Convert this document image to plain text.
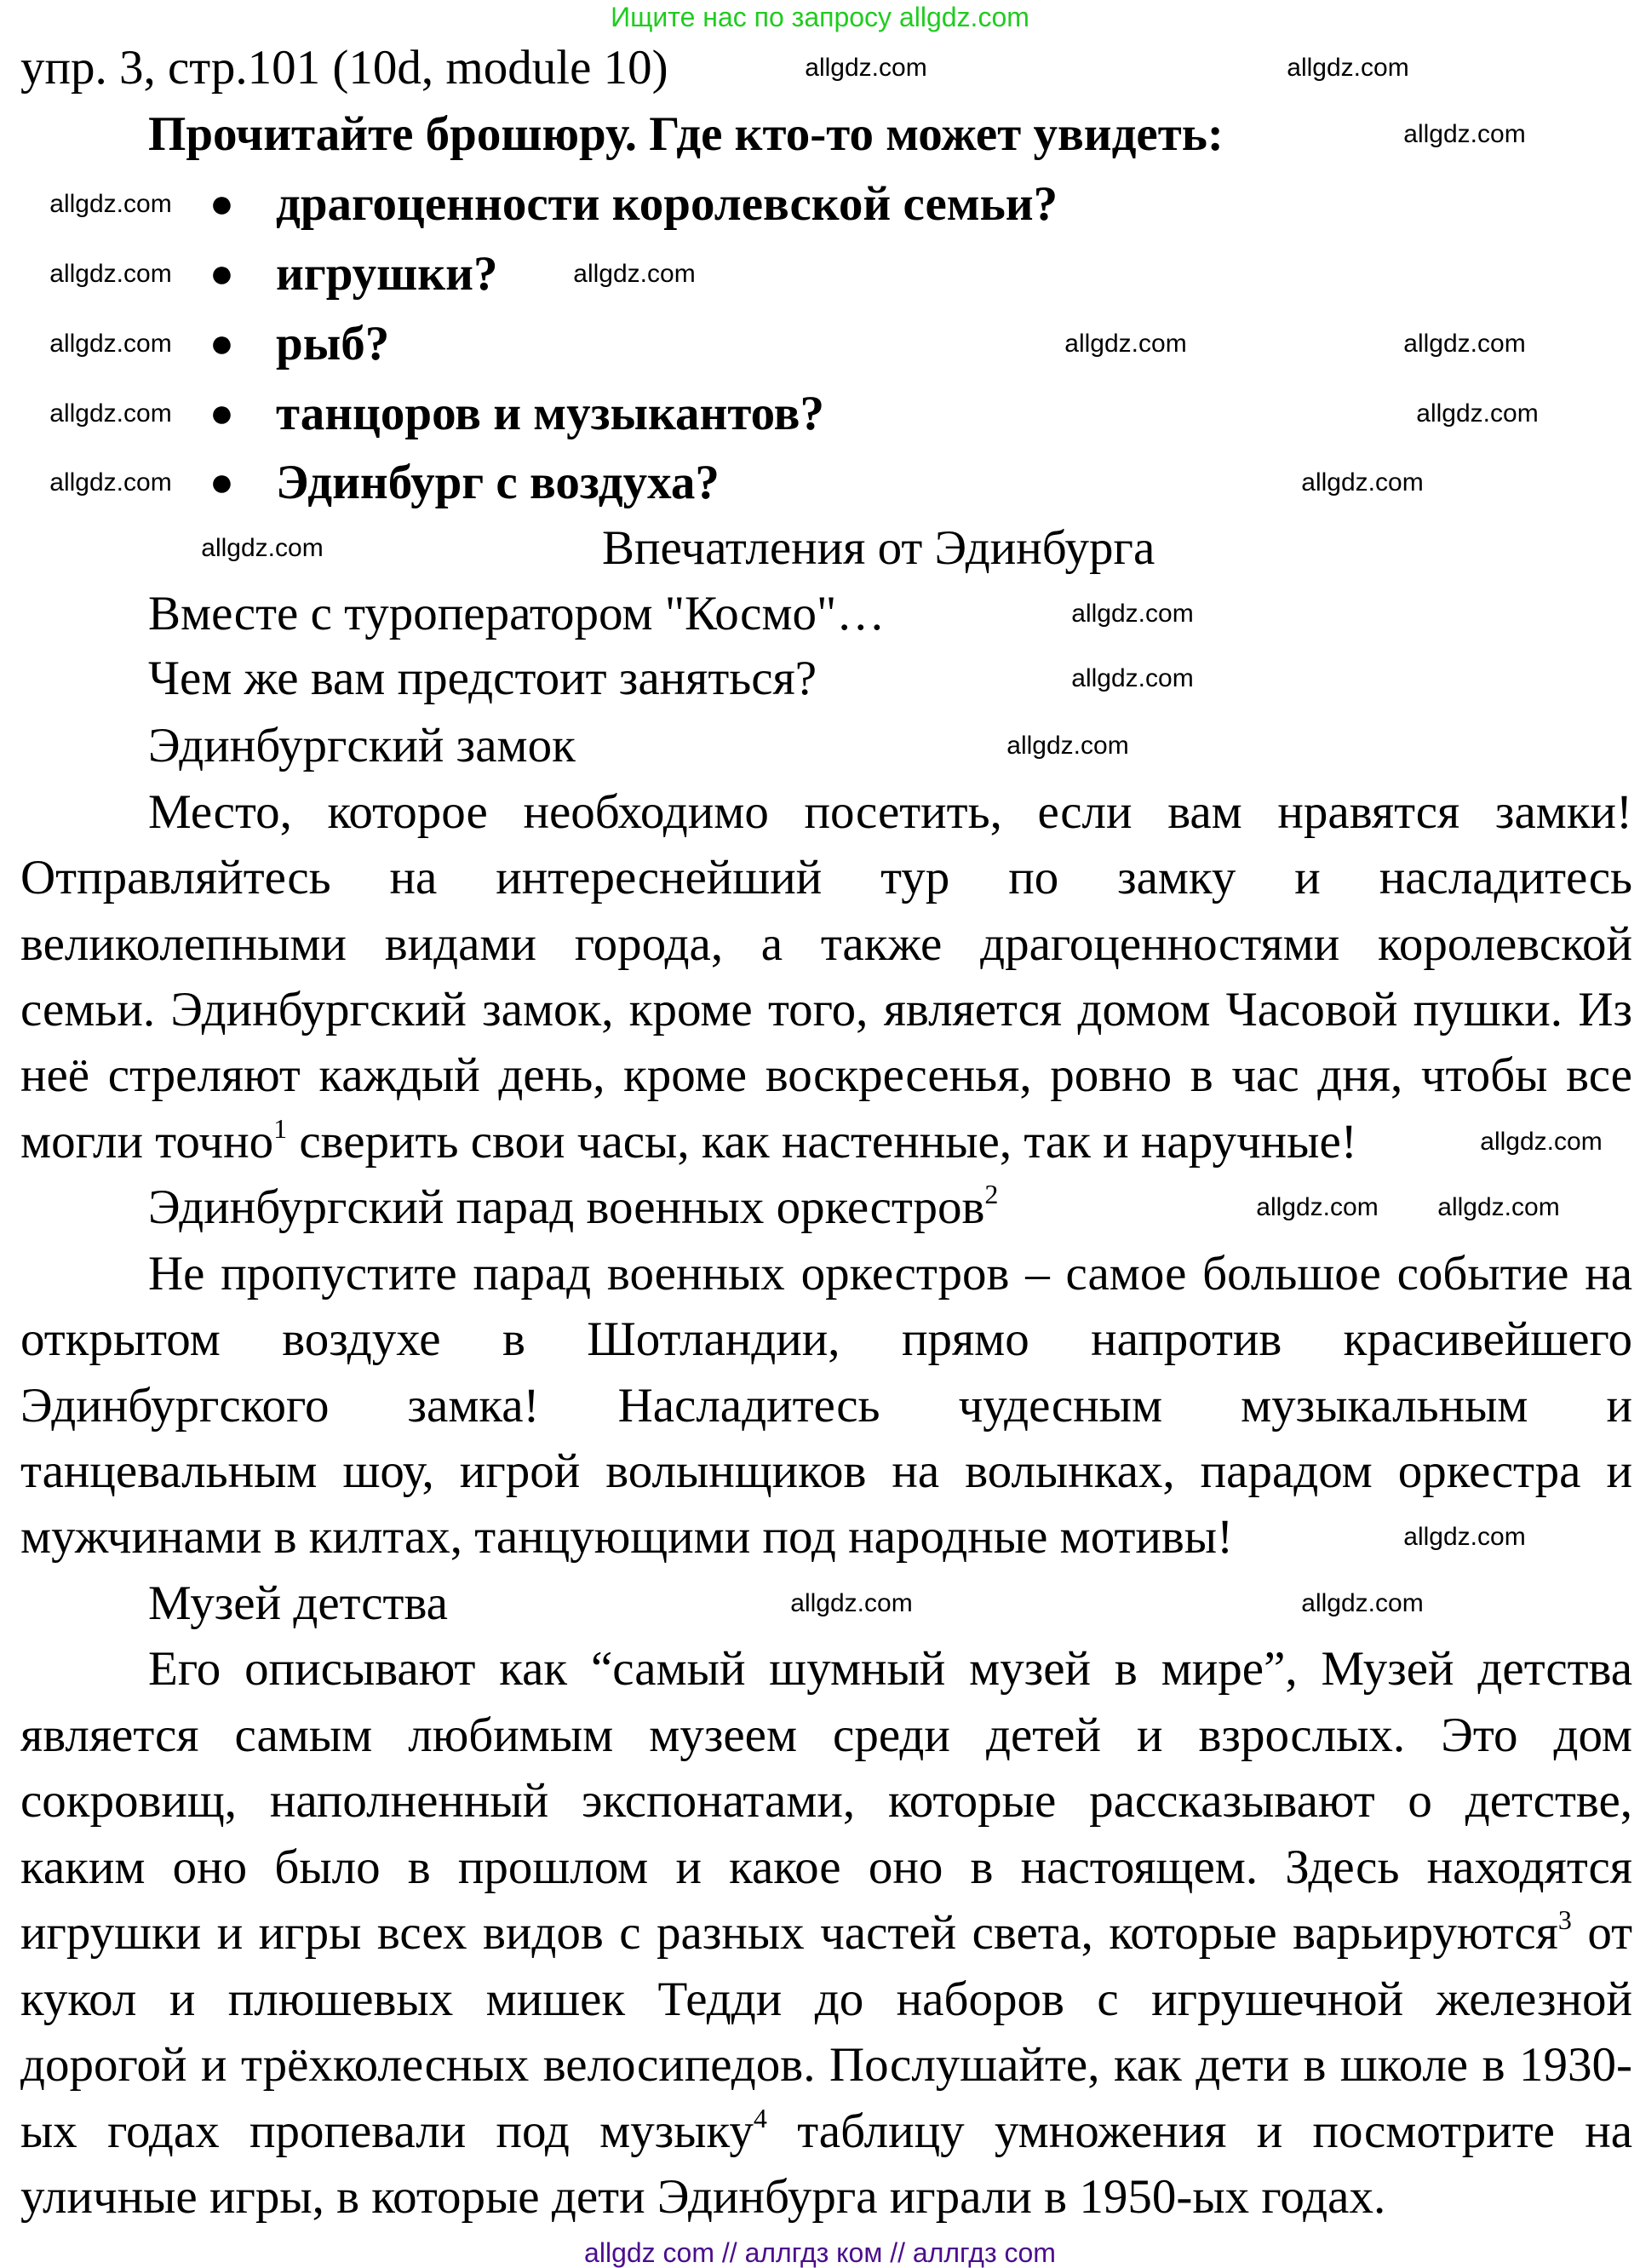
Ищите нас по запросу allgdz.com
упр. 3, стр.101 (10d, module 10)
Прочитайте брошюру. Где кто-то может увидеть:
● драгоценности королевской семьи?
● игрушки?
● рыб?
● танцоров и музыкантов?
● Эдинбург с воздуха?
Впечатления от Эдинбурга
Вместе с туроператором "Космо"…
Чем же вам предстоит заняться?
Эдинбургский замок
Место, которое необходимо посетить, если вам нравятся замки!
Отправляйтесь на интереснейший тур по замку и насладитесь
великолепными видами города, а также драгоценностями королевской
семьи. Эдинбургский замок, кроме того, является домом Часовой пушки. Из
неё стреляют каждый день, кроме воскресенья, ровно в час дня, чтобы все
могли точно$^1$ сверить свои часы, как настенные, так и наручные!
Эдинбургский парад военных оркестров$^2$
Не пропустите парад военных оркестров – самое большое событие на
открытом воздухе в Шотландии, прямо напротив красивейшего
Эдинбургского замка! Насладитесь чудесным музыкальным и
танцевальным шоу, игрой волынщиков на волынках, парадом оркестра и
мужчинами в килтах, танцующими под народные мотивы!
Музей детства
Его описывают как “самый шумный музей в мире”, Музей детства
является самым любимым музеем среди детей и взрослых. Это дом
сокровищ, наполненный экспонатами, которые рассказывают о детстве,
каким оно было в прошлом и какое оно в настоящем. Здесь находятся
игрушки и игры всех видов с разных частей света, которые варьируются$^3$ от
кукол и плюшевых мишек Тедди до наборов с игрушечной железной
дорогой и трёхколесных велосипедов. Послушайте, как дети в школе в 1930-
ых годах пропевали под музыку$^4$ таблицу умножения и посмотрите на
уличные игры, в которые дети Эдинбурга играли в 1950-ых годах.
allgdz com // аллгдз ком // аллгдз com
allgdz.com	allgdz.com
allgdz.com
allgdz.com
allgdz.com
allgdz.com
allgdz.com
allgdz.com
allgdz.com
allgdz.com
allgdz.com
allgdz.com
allgdz.com
allgdz.com
allgdz.com
allgdz.com	allgdz.com
allgdz.com
allgdz.com
allgdz.com
allgdz.com
allgdz.com
allgdz.com
